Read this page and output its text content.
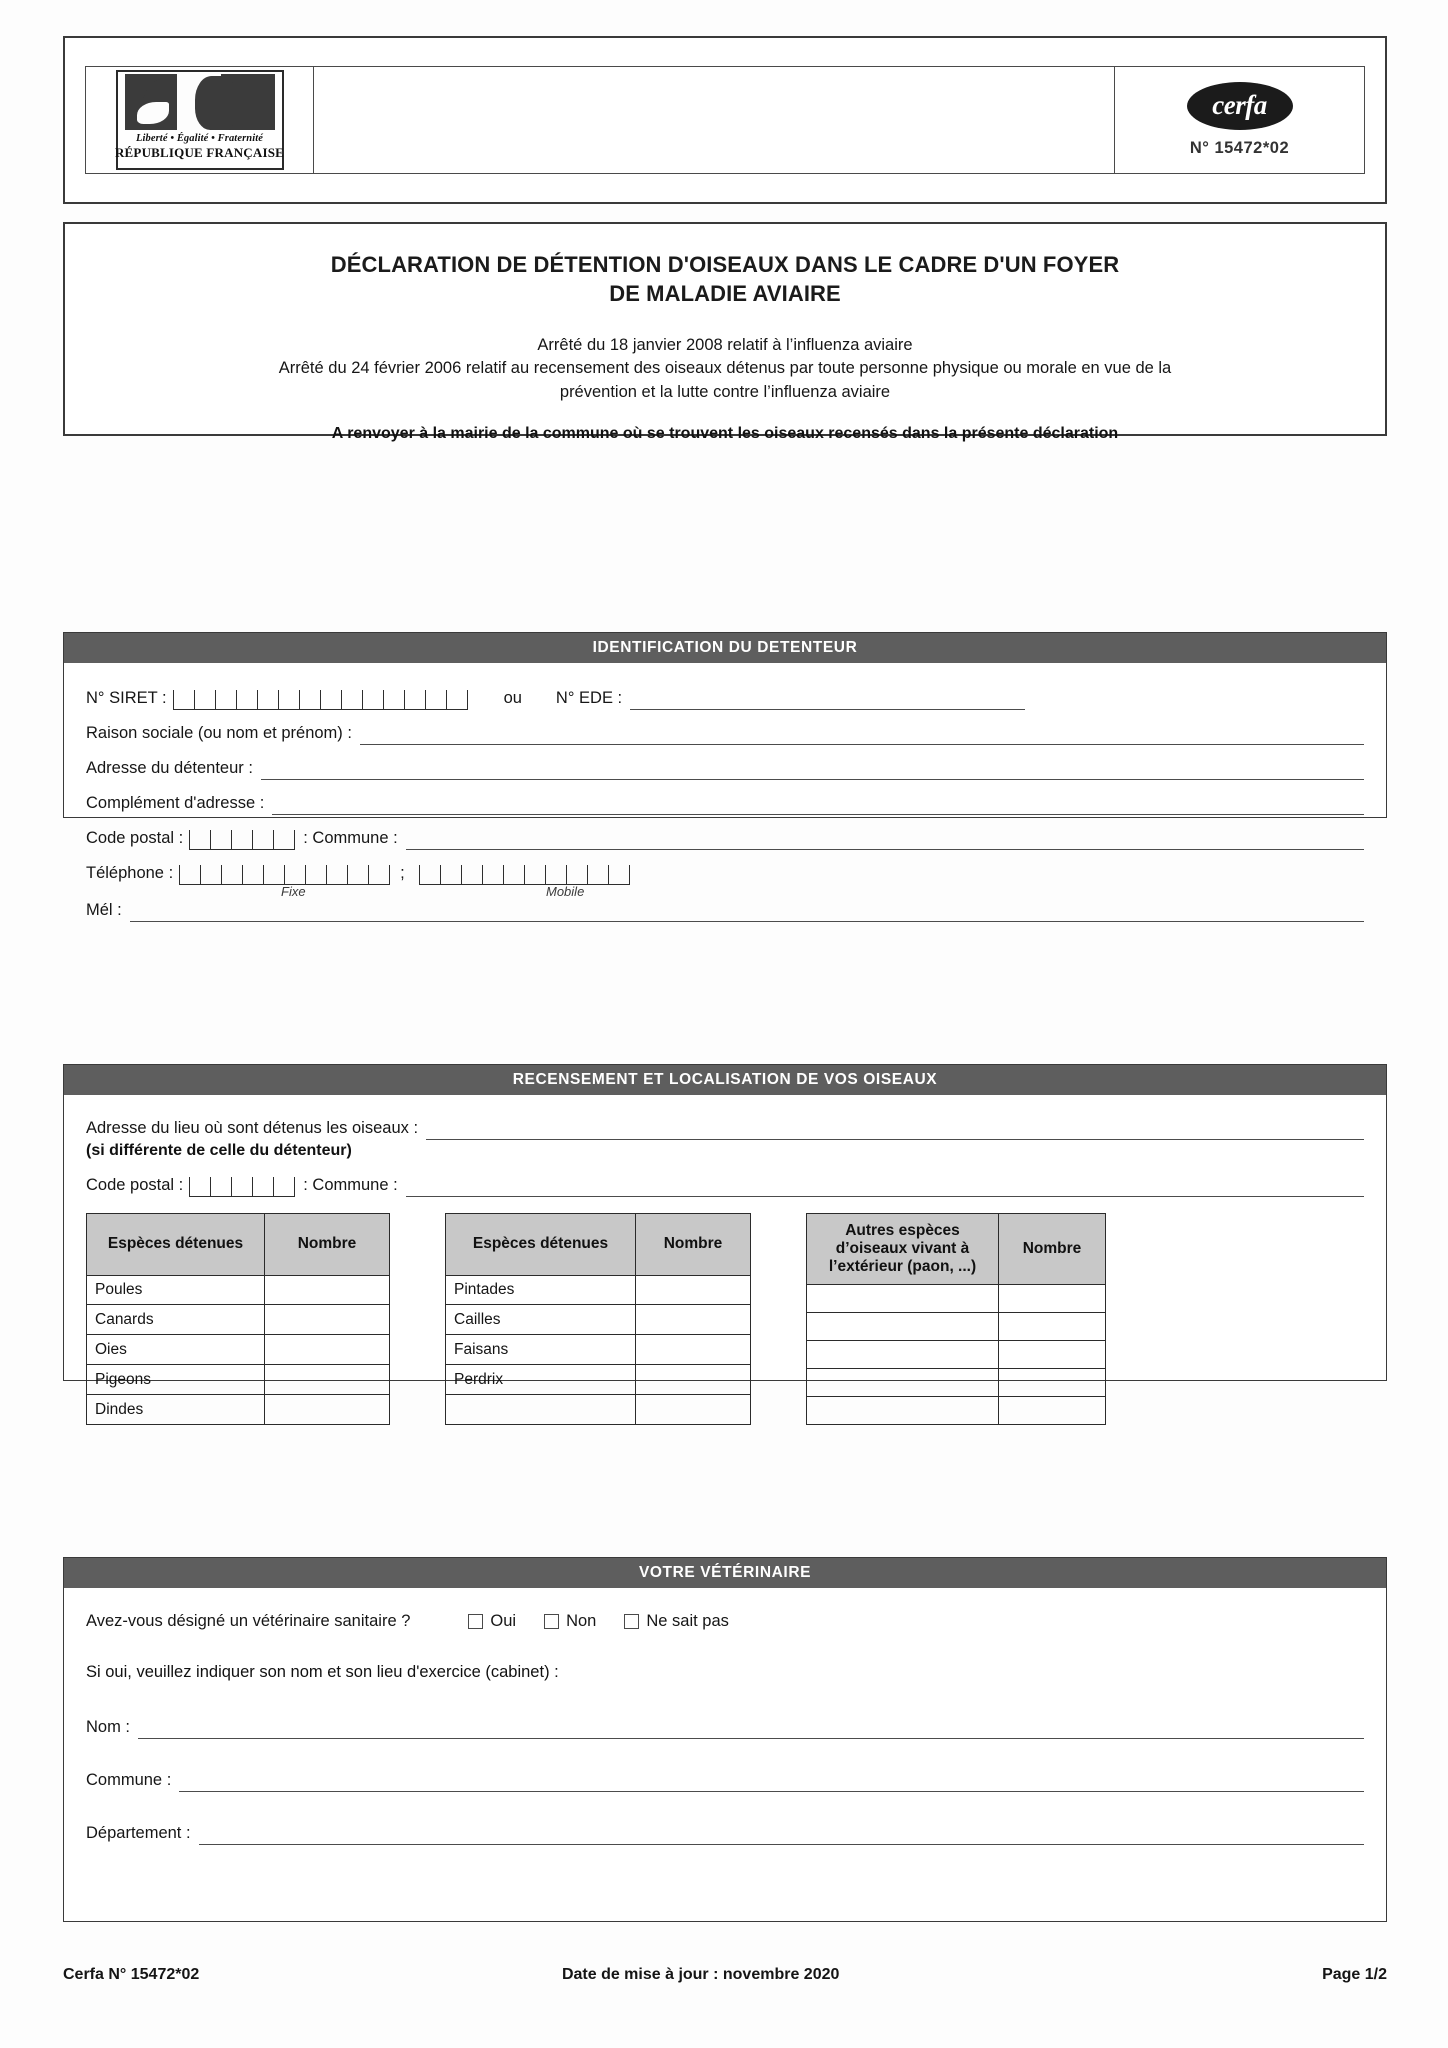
Liberté • Égalité • Fraternité
RÉPUBLIQUE FRANÇAISE
cerfa
N° 15472*02
DÉCLARATION DE DÉTENTION D'OISEAUX DANS LE CADRE D'UN FOYER
DE MALADIE AVIAIRE
Arrêté du 18 janvier 2008 relatif à l’influenza aviaire
Arrêté du 24 février 2006 relatif au recensement des oiseaux détenus par toute personne physique ou morale en vue de la
prévention et la lutte contre l’influenza aviaire
A renvoyer à la mairie de la commune où se trouvent les oiseaux recensés dans la présente déclaration
IDENTIFICATION DU DETENTEUR
N° SIRET :	ou N° EDE :
Raison sociale (ou nom et prénom) :
Adresse du détenteur :
Complément d'adresse :
Code postal :	: Commune :
Téléphone :	;
Fixe	Mobile
Mél :
RECENSEMENT ET LOCALISATION DE VOS OISEAUX
Adresse du lieu où sont détenus les oiseaux :
(si différente de celle du détenteur)
Code postal :	: Commune :
Espèces détenues	Nombre
Poules	
Canards	
Oies	
Pigeons	
Dindes	
Espèces détenues	Nombre
Pintades	
Cailles	
Faisans	
Perdrix	

Autres espèces d’oiseaux vivant à l’extérieur (paon, ...)	Nombre

VOTRE VÉTÉRINAIRE
Avez-vous désigné un vétérinaire sanitaire ?	Oui	Non	Ne sait pas
Si oui, veuillez indiquer son nom et son lieu d'exercice (cabinet) :
Nom :
Commune :
Département :
Cerfa N° 15472*02	Date de mise à jour : novembre 2020	Page 1/2
